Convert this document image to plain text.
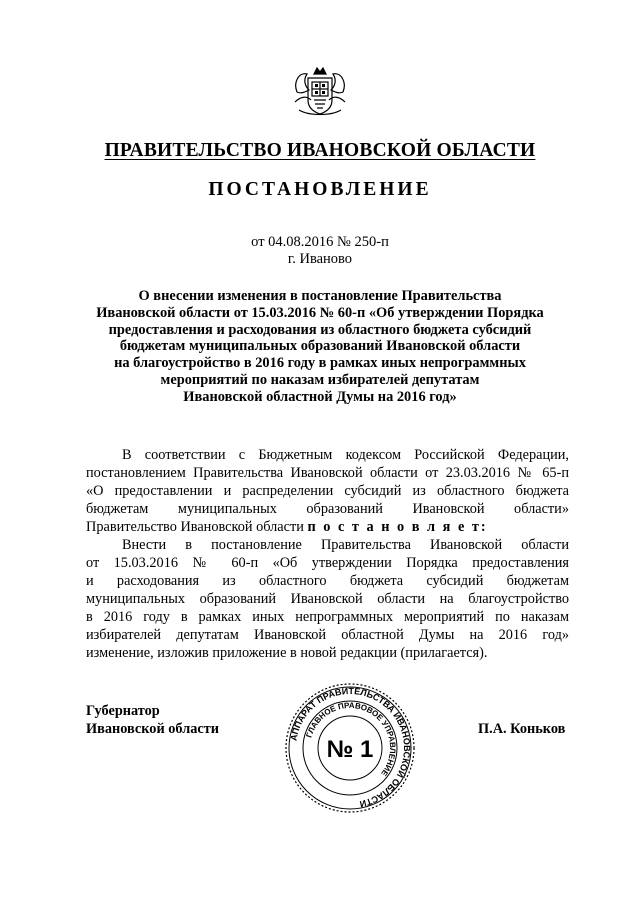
ПРАВИТЕЛЬСТВО ИВАНОВСКОЙ ОБЛАСТИ
ПОСТАНОВЛЕНИЕ
от 04.08.2016 № 250-п
г. Иваново
О внесении изменения в постановление Правительства
Ивановской области от 15.03.2016 № 60-п «Об утверждении Порядка
предоставления и расходования из областного бюджета субсидий
бюджетам муниципальных образований Ивановской области
на благоустройство в 2016 году в рамках иных непрограммных
мероприятий по наказам избирателей депутатам
Ивановской областной Думы на 2016 год»
В соответствии с Бюджетным кодексом Российской Федерации,
постановлением Правительства Ивановской области от 23.03.2016 № 65-п
«О предоставлении и распределении субсидий из областного бюджета
бюджетам муниципальных образований Ивановской области»
Правительство Ивановской области п о с т а н о в л я е т:
Внести в постановление Правительства Ивановской области
от 15.03.2016 № 60-п «Об утверждении Порядка предоставления
и расходования из областного бюджета субсидий бюджетам
муниципальных образований Ивановской области на благоустройство
в 2016 году в рамках иных непрограммных мероприятий по наказам
избирателей депутатам Ивановской областной Думы на 2016 год»
изменение, изложив приложение в новой редакции (прилагается).
Губернатор
Ивановской области
АППАРАТ ПРАВИТЕЛЬСТВА ИВАНОВСКОЙ ОБЛАСТИ
ГЛАВНОЕ ПРАВОВОЕ УПРАВЛЕНИЕ
№ 1
П.А. Коньков
